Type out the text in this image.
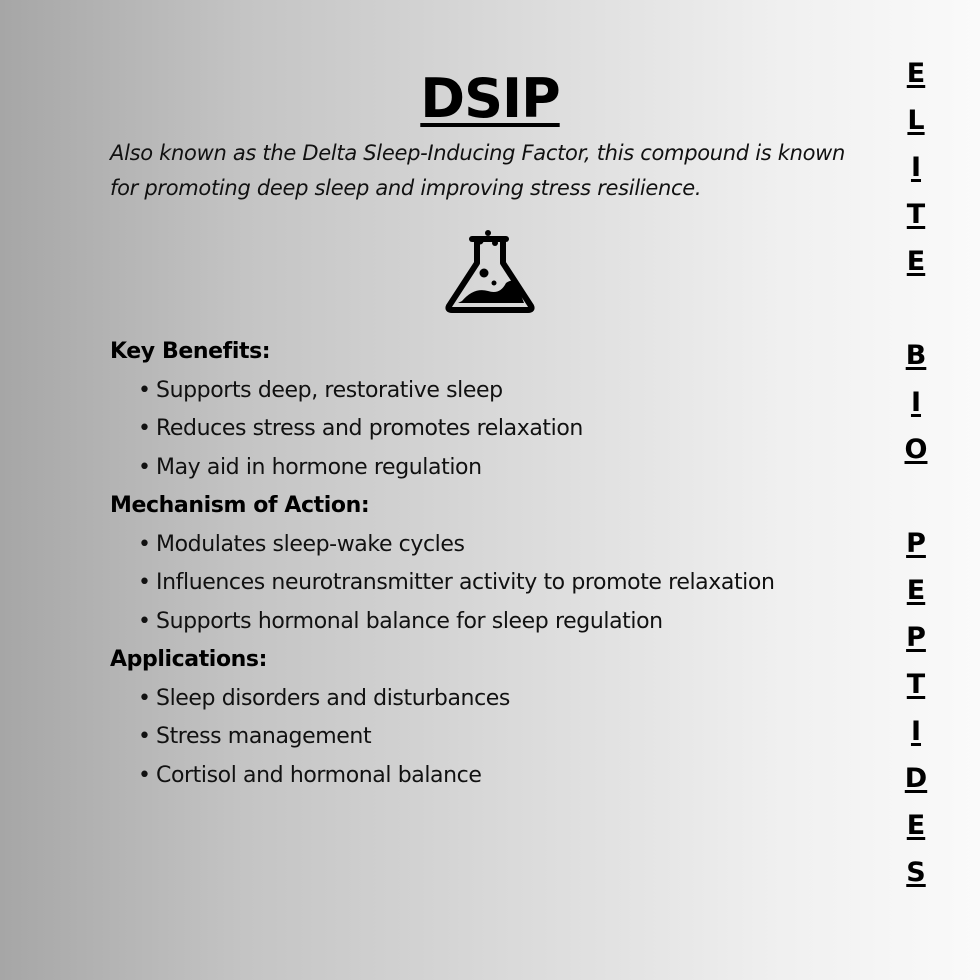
DSIP
Also known as the Delta Sleep-Inducing Factor, this compound is known for promoting deep sleep and improving stress resilience.
Key Benefits:
• Supports deep, restorative sleep
• Reduces stress and promotes relaxation
• May aid in hormone regulation
Mechanism of Action:
• Modulates sleep-wake cycles
• Influences neurotransmitter activity to promote relaxation
• Supports hormonal balance for sleep regulation
Applications:
• Sleep disorders and disturbances
• Stress management
• Cortisol and hormonal balance
E
L
I
T
E
B
I
O
P
E
P
T
I
D
E
S
